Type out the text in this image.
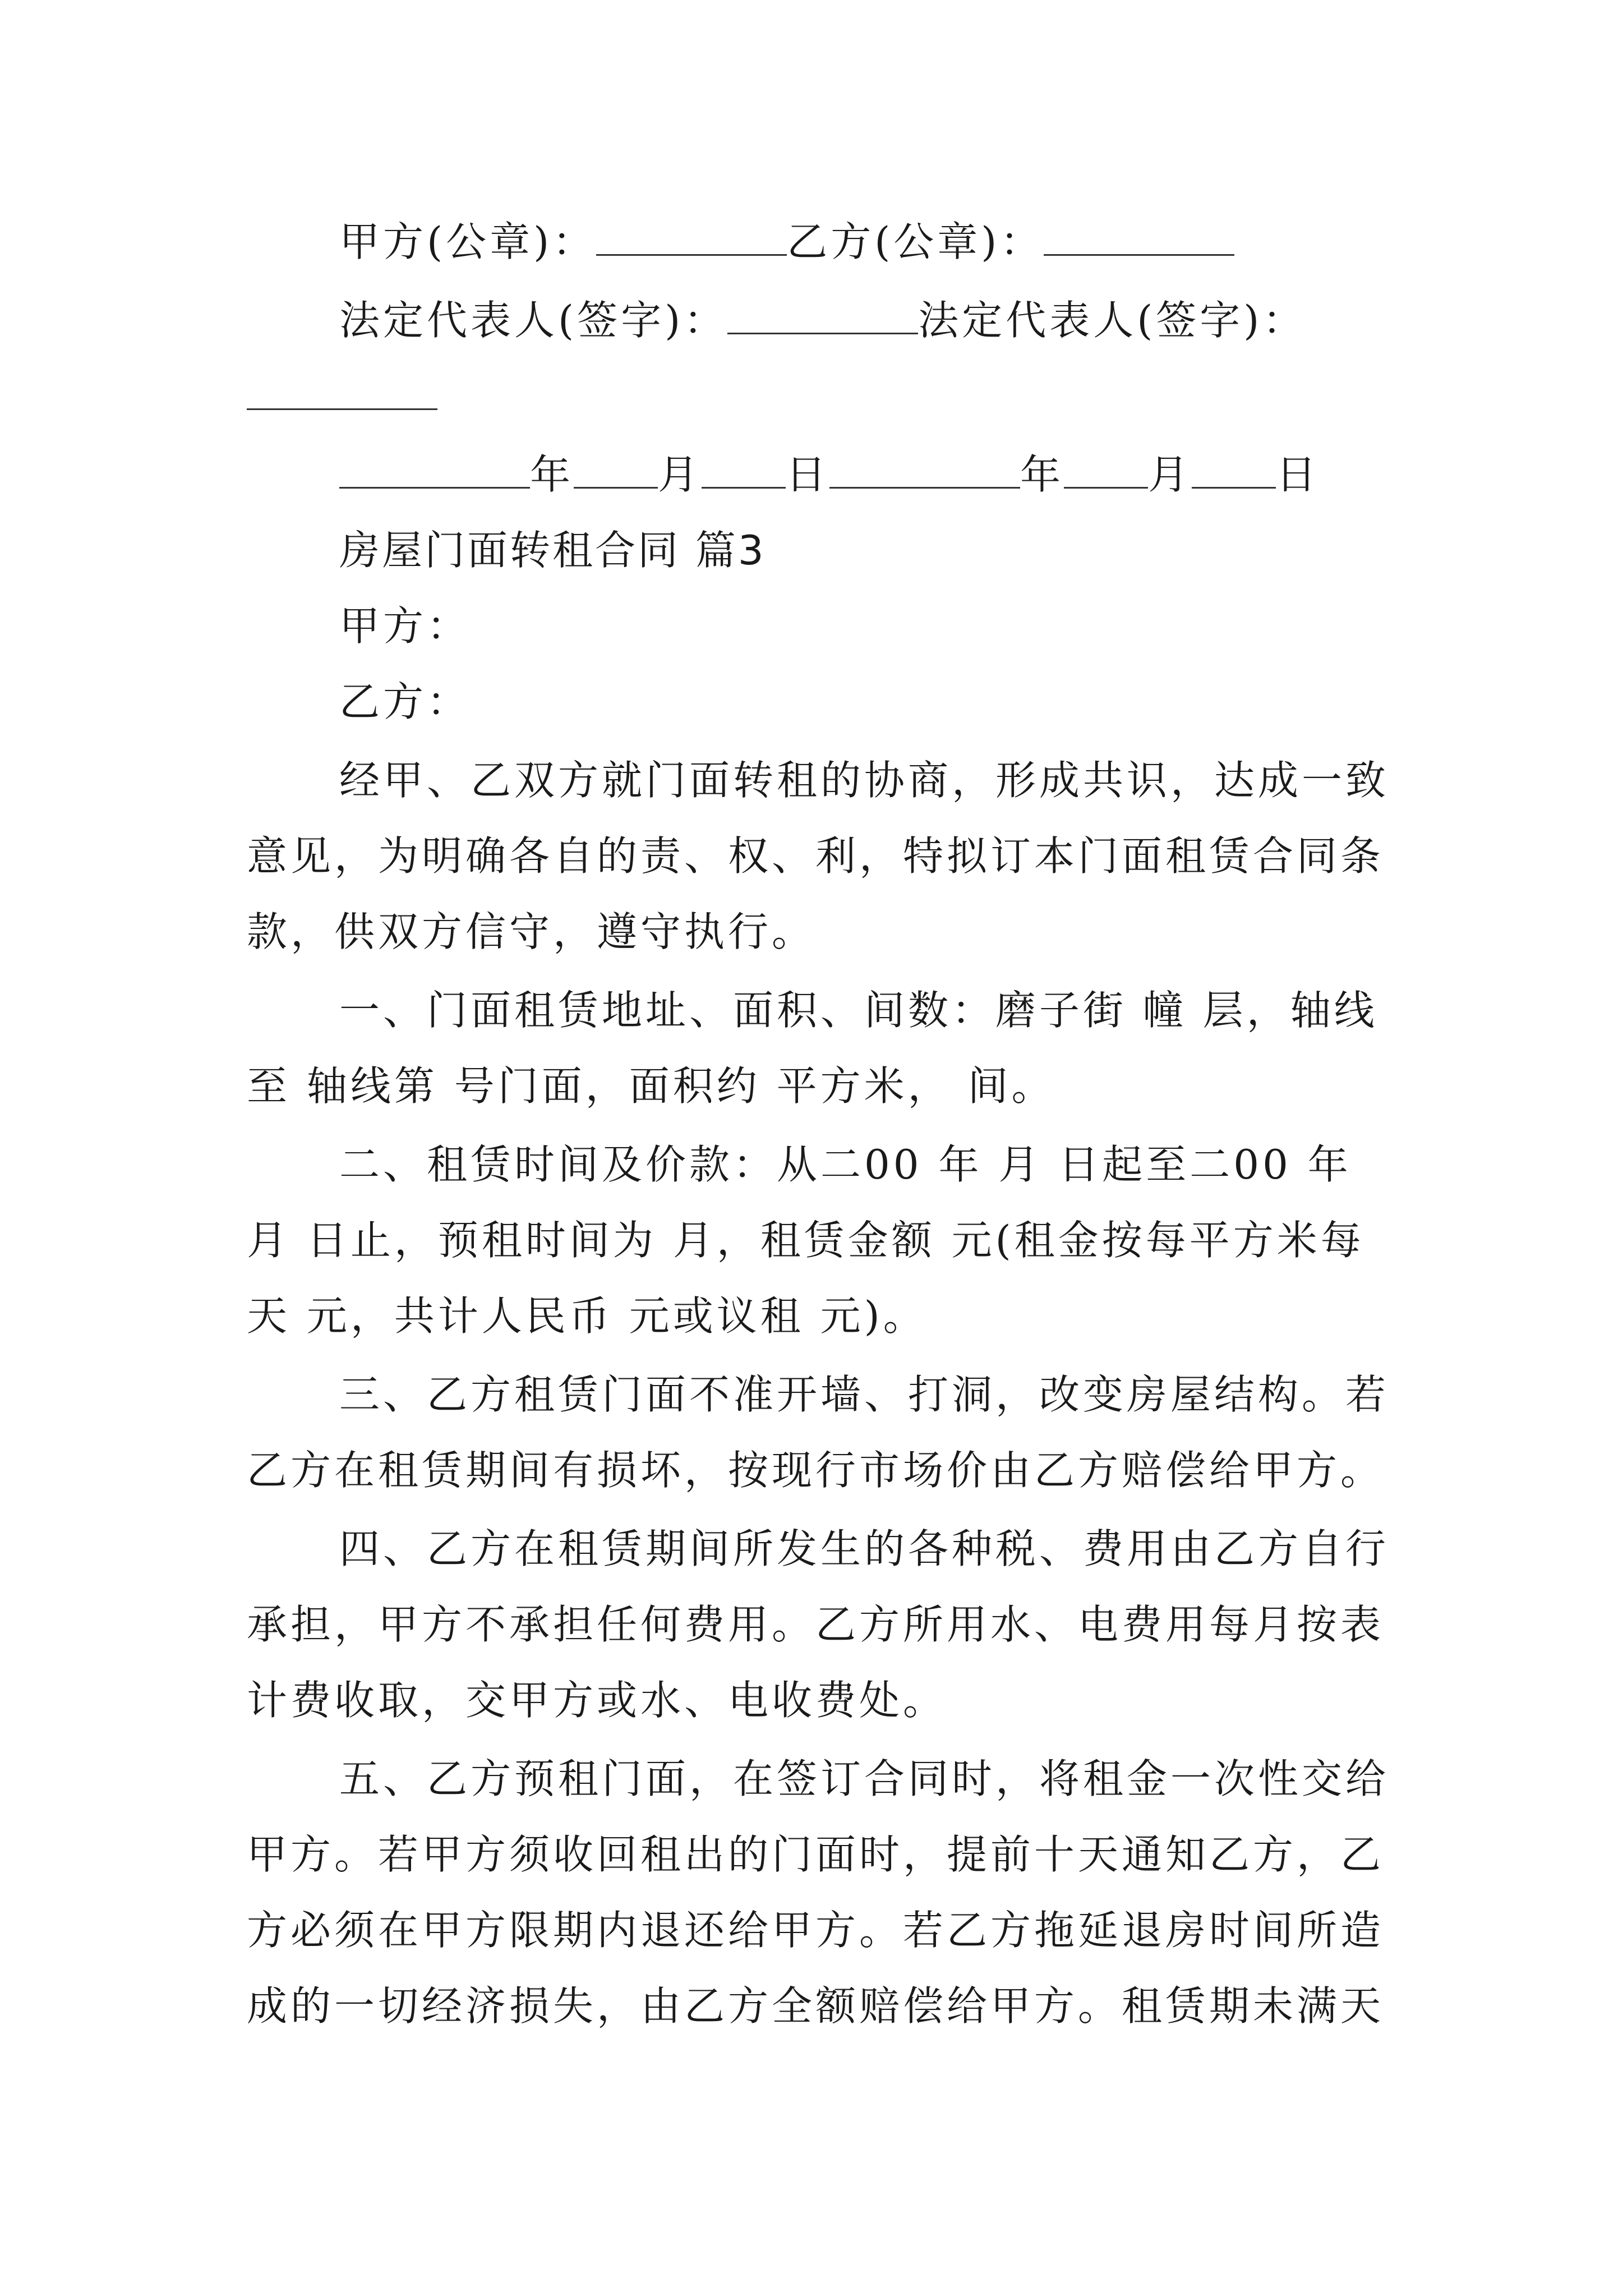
甲方(公章)：	乙方(公章)：
法定代表人(签字)：	法定代表人(签字)：
年 月 日	年 月 日
房屋门面转租合同 篇3
甲方：
乙方：
经甲、乙双方就门面转租的协商，形成共识，达成一致
意见，为明确各自的责、权、利，特拟订本门面租赁合同条
款，供双方信守，遵守执行。
一、门面租赁地址、面积、间数：磨子街 幢 层，轴线
至 轴线第 号门面，面积约 平方米， 间。
二、租赁时间及价款：从二00 年 月 日起至二00 年
月 日止，预租时间为 月，租赁金额 元(租金按每平方米每
天 元，共计人民币 元或议租 元)。
三、乙方租赁门面不准开墙、打洞，改变房屋结构。若
乙方在租赁期间有损坏，按现行市场价由乙方赔偿给甲方。
四、乙方在租赁期间所发生的各种税、费用由乙方自行
承担，甲方不承担任何费用。乙方所用水、电费用每月按表
计费收取，交甲方或水、电收费处。
五、乙方预租门面，在签订合同时，将租金一次性交给
甲方。若甲方须收回租出的门面时，提前十天通知乙方，乙
方必须在甲方限期内退还给甲方。若乙方拖延退房时间所造
成的一切经济损失，由乙方全额赔偿给甲方。租赁期未满天
